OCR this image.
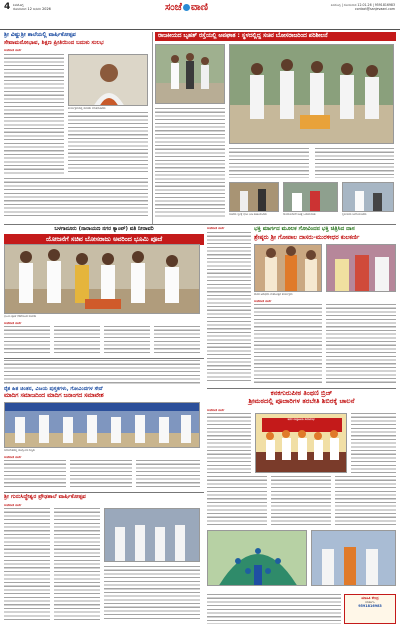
4 ಶಿವಮೊಗ್ಗ
ಸೋಮವಾರ 12 ಜನವರಿ 2026	ಸಂಜೆ ವಾಣಿ	ಶಿವಮೊಗ್ಗ | ಸೋಮವಾರ 12.01.26 | 9591816983
contact@sanjevaani.com
ಶ್ರೀ ವಿಷ್ಣುಶ್ರೀ ಶಾಲೆಯಲ್ಲಿ ವಾರ್ಷಿಕೋತ್ಸವ
ಸೇವಾಮನೋಭಾವ, ಶಿಕ್ಷಣ ಪ್ರೀತಿಯಿಂದ ಬದುಕು ಸುಲಭ
ಸಂಜೆವಾಣಿ ವಾರ್ತೆ
ಕಾರ್ಯಕ್ರಮದಲ್ಲಿ ಶಾಸಕರು ಮಾತನಾಡಿದರು
ರಾಜಕೀಯದ ಬೃಹತ್ ರಸ್ತೆಯಲ್ಲಿ ಅಪಘಾತ : ಸ್ಥಳದಲ್ಲಿದ್ದ ಸಚಿವ ಬೋಸರಾಜರಿಂದ ಪರಿಶೀಲನೆ
ಸಚಿವರು ಸ್ಥಳಕ್ಕೆ ಭೇಟಿ ನೀಡಿ ಪರಿಶೀಲಿಸಿದರು	ಗಾಯಾಳುಗಳಿಗೆ ಚಿಕಿತ್ಸೆ ನೀಡಲಾಯಿತು	ಸ್ಥಳೀಯರು ಜಮಾಯಿಸಿದರು
ಬಳಗಾನೂರು (ನಾರಾಯಣ ನಗರ ಕ್ಯಾಂಪ್) ವತಿ ನೀರಾವರಿ
ಯೋಜನೆಗೆ ಸಚಿವ ಬೋಸರಾಜು ಅವರಿಂದ ಭೂಮಿ ಪೂಜೆ
ಭೂಮಿ ಪೂಜೆ ನೆರವೇರಿಸಿದ ಸಚಿವರು
ಸಂಜೆವಾಣಿ ವಾರ್ತೆ
ಸಂಜೆವಾಣಿ ವಾರ್ತೆ	ಭಕ್ತಿ ಮಾರ್ಗದ ಮೂಲಕ ಗೋವಿಂದನ ಭಕ್ತಿ ಚಿತ್ರಿಸಿದ ದಾಸ
ಶ್ರೇಷ್ಠರು ಶ್ರೀ ಗೋಪಾಲ ದಾಸರು-ಮುರಳೀಧರ ಕುಲಕರ್ಣಿ
ದಾಸರ ಆರಾಧನಾ ಮಹೋತ್ಸವ ಕಾರ್ಯಕ್ರಮ
ಸಂಜೆವಾಣಿ ವಾರ್ತೆ
ರೈತ ಹಿತ ಚಿಂತನ, ವಿಜಯ ಪುಸ್ತಕಗಳು, ಗೋವಿಂದಗಳ ಸೇವೆ
ಮಾದಿಗ ಸಮಾಜದಿಂದ ಮಾದಿಗ ಜನಾಂಗದ ಸಮಾವೇಶ
ಸಮಾವೇಶದಲ್ಲಿ ಪಾಲ್ಗೊಂಡ ಗಣ್ಯರು
ಸಂಜೆವಾಣಿ ವಾರ್ತೆ
ಕನಕಗುರುಪೀಠ ತಿಂಥಣಿ ಬ್ರಿಜ್
ಶ್ರೀಮಠದಲ್ಲಿ ಪೂಜಾರಿಗಳ ತರಬೇತಿ ಶಿಬಿರಕ್ಕೆ ಚಾಲನೆ
ಸಂಜೆವಾಣಿ ವಾರ್ತೆ
ಶಿಬಿರ ಉದ್ಘಾಟನಾ ಸಮಾರಂಭ
ಶ್ರೀ ಗುರುಸಿದ್ಧೇಶ್ವರ ಪ್ರೌಢಶಾಲೆ ವಾರ್ಷಿಕೋತ್ಸವ
ಸಂಜೆವಾಣಿ ವಾರ್ತೆ
ಮಾಹಿತಿ ಕೇಂದ್ರ
ಸಂಪರ್ಕಿಸಿ
9591816983
